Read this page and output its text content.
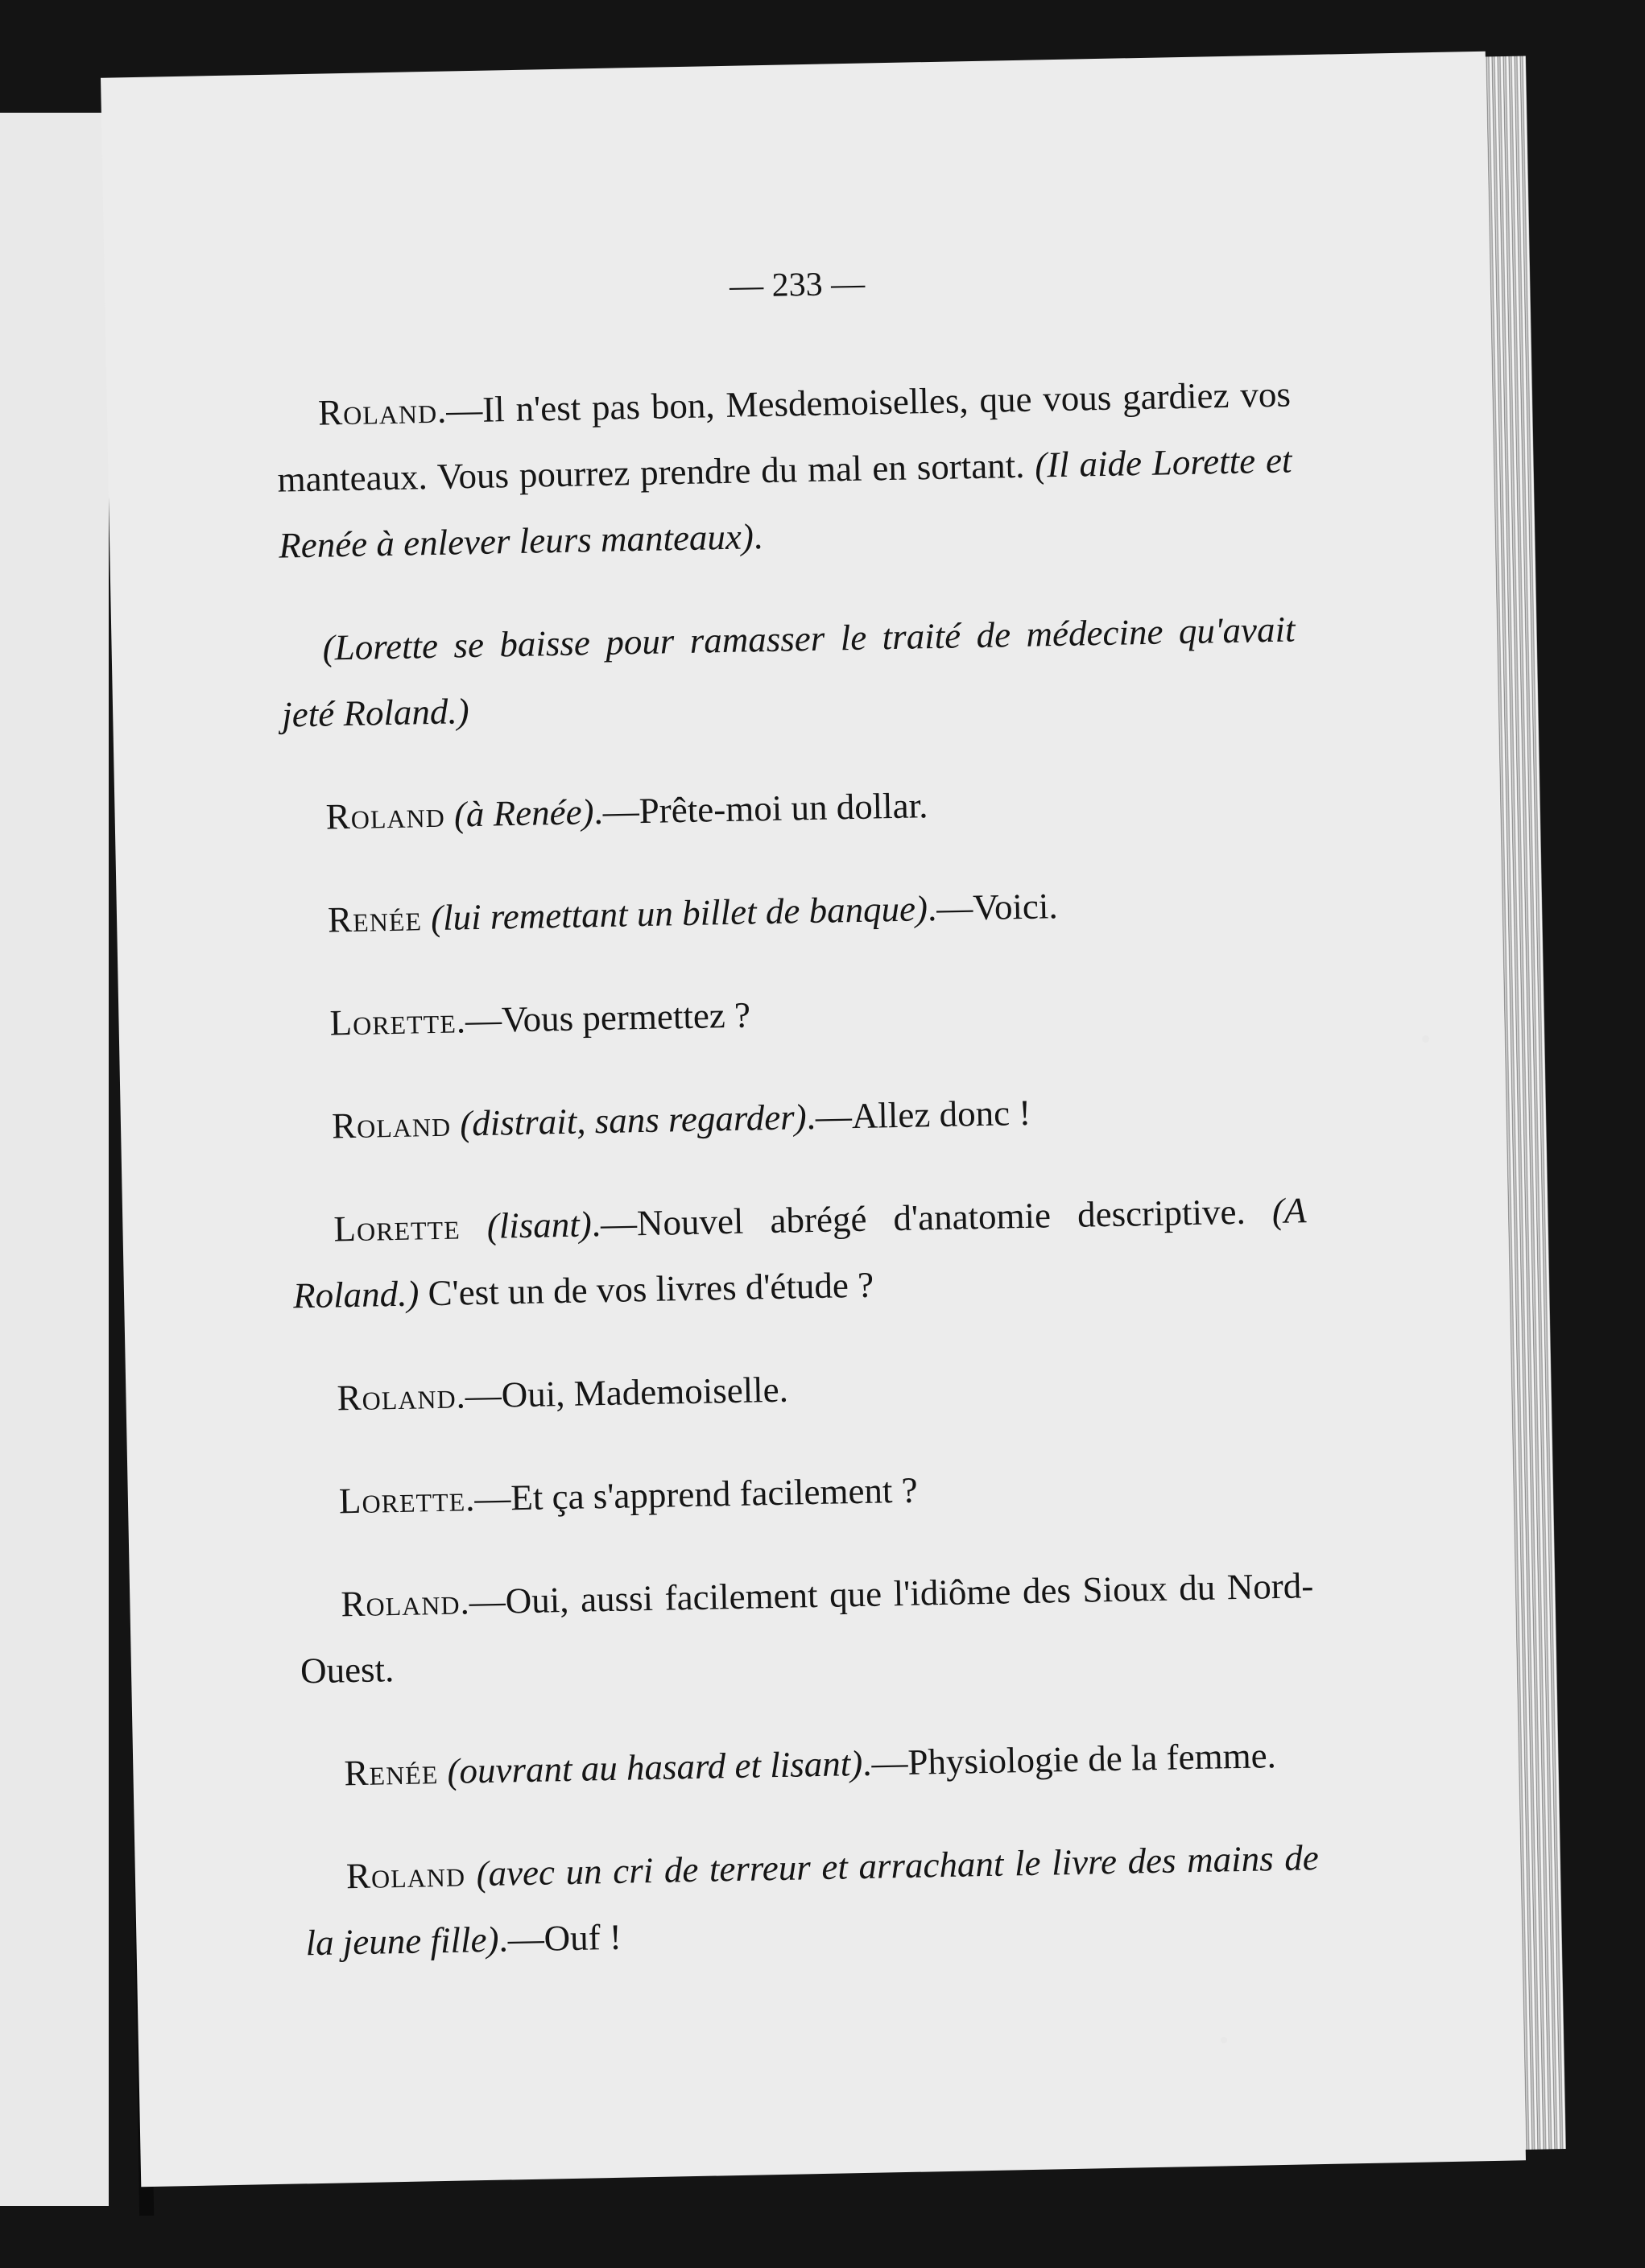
— 233 —

Roland.—Il n'est pas bon, Mesdemoiselles, que vous gardiez vos manteaux. Vous pourrez prendre du mal en sortant. (Il aide Lorette et Renée à enlever leurs manteaux).

(Lorette se baisse pour ramasser le traité de médecine qu'avait jeté Roland.)

Roland (à Renée).—Prête-moi un dollar.

Renée (lui remettant un billet de banque).—Voici.

Lorette.—Vous permettez ?

Roland (distrait, sans regarder).—Allez donc !

Lorette (lisant).—Nouvel abrégé d'anatomie descriptive. (A Roland.) C'est un de vos livres d'étude ?

Roland.—Oui, Mademoiselle.

Lorette.—Et ça s'apprend facilement ?

Roland.—Oui, aussi facilement que l'idiôme des Sioux du Nord-Ouest.

Renée (ouvrant au hasard et lisant).—Physiologie de la femme.

Roland (avec un cri de terreur et arrachant le livre des mains de la jeune fille).—Ouf !
